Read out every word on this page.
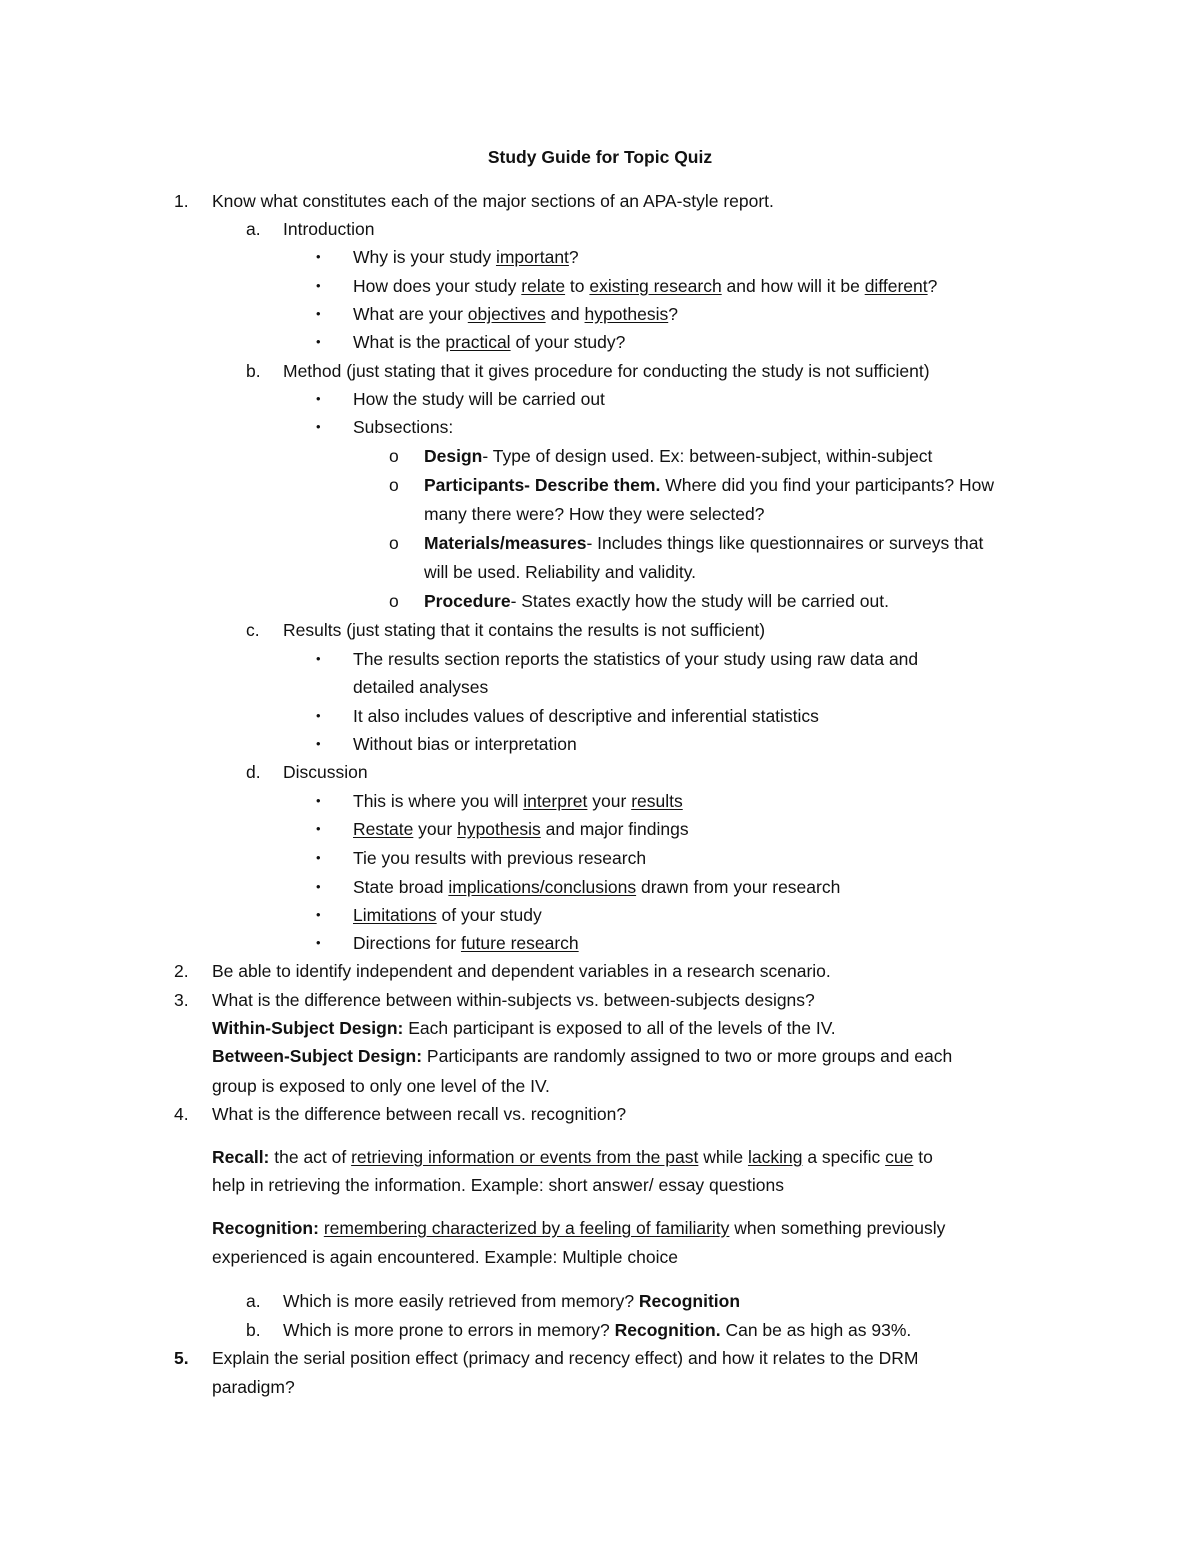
Study Guide for Topic Quiz
1. Know what constitutes each of the major sections of an APA-style report.
a. Introduction
• Why is your study important?
• How does your study relate to existing research and how will it be different?
• What are your objectives and hypothesis?
• What is the practical of your study?
b. Method (just stating that it gives procedure for conducting the study is not sufficient)
• How the study will be carried out
• Subsections:
o Design- Type of design used. Ex: between-subject, within-subject
o Participants- Describe them. Where did you find your participants? How
many there were? How they were selected?
o Materials/measures- Includes things like questionnaires or surveys that
will be used. Reliability and validity.
o Procedure- States exactly how the study will be carried out.
c. Results (just stating that it contains the results is not sufficient)
• The results section reports the statistics of your study using raw data and
detailed analyses
• It also includes values of descriptive and inferential statistics
• Without bias or interpretation
d. Discussion
• This is where you will interpret your results
• Restate your hypothesis and major findings
• Tie you results with previous research
• State broad implications/conclusions drawn from your research
• Limitations of your study
• Directions for future research
2. Be able to identify independent and dependent variables in a research scenario.
3. What is the difference between within-subjects vs. between-subjects designs?
Within-Subject Design: Each participant is exposed to all of the levels of the IV.
Between-Subject Design: Participants are randomly assigned to two or more groups and each
group is exposed to only one level of the IV.
4. What is the difference between recall vs. recognition?
Recall: the act of retrieving information or events from the past while lacking a specific cue to
help in retrieving the information. Example: short answer/ essay questions
Recognition: remembering characterized by a feeling of familiarity when something previously
experienced is again encountered. Example: Multiple choice
a. Which is more easily retrieved from memory? Recognition
b. Which is more prone to errors in memory? Recognition. Can be as high as 93%.
5. Explain the serial position effect (primacy and recency effect) and how it relates to the DRM
paradigm?
